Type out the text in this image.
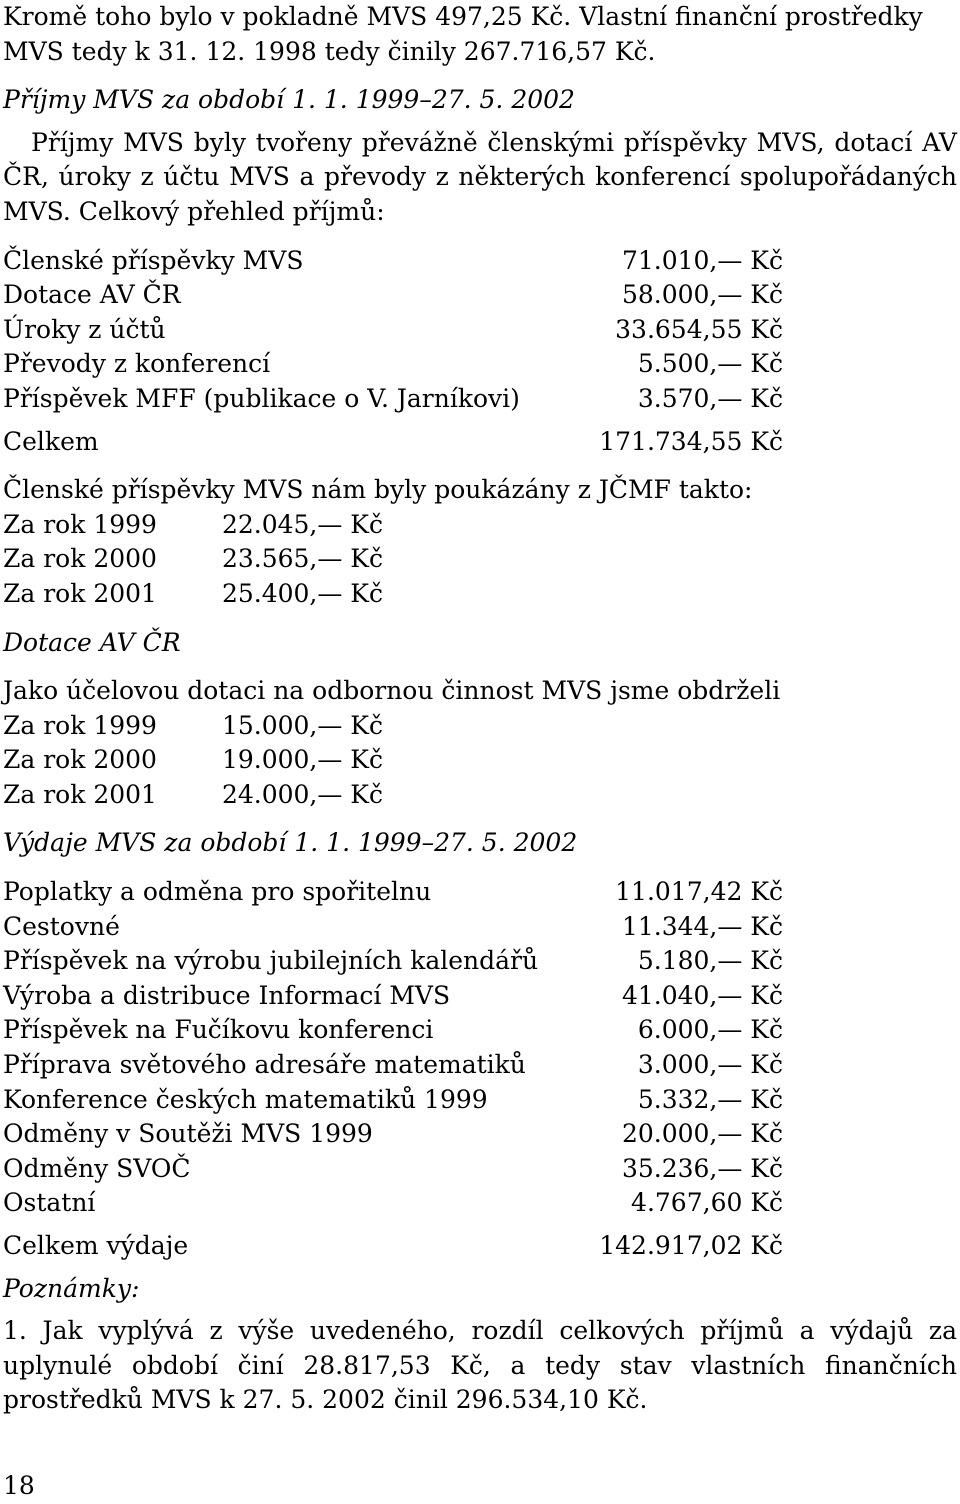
Kromě toho bylo v pokladně MVS 497,25 Kč. Vlastní finanční prostředky

MVS tedy k 31. 12. 1998 tedy činily 267.716,57 Kč.

Příjmy MVS za období 1. 1. 1999–27. 5. 2002

Příjmy MVS byly tvořeny převážně členskými příspěvky MVS, dotací AV ČR, úroky z účtu MVS a převody z některých konferencí spolupořádaných MVS. Celkový přehled příjmů:

Členské příspěvky MVS	71.010,— Kč
Dotace AV ČR	58.000,— Kč
Úroky z účtů	33.654,55 Kč
Převody z konferencí	5.500,— Kč
Příspěvek MFF (publikace o V. Jarníkovi)	3.570,— Kč
Celkem	171.734,55 Kč

Členské příspěvky MVS nám byly poukázány z JČMF takto:

Za rok 1999	22.045,— Kč
Za rok 2000	23.565,— Kč
Za rok 2001	25.400,— Kč

Dotace AV ČR

Jako účelovou dotaci na odbornou činnost MVS jsme obdrželi

Za rok 1999	15.000,— Kč
Za rok 2000	19.000,— Kč
Za rok 2001	24.000,— Kč

Výdaje MVS za období 1. 1. 1999–27. 5. 2002

Poplatky a odměna pro spořitelnu	11.017,42 Kč
Cestovné	11.344,— Kč
Příspěvek na výrobu jubilejních kalendářů	5.180,— Kč
Výroba a distribuce Informací MVS	41.040,— Kč
Příspěvek na Fučíkovu konferenci	6.000,— Kč
Příprava světového adresáře matematiků	3.000,— Kč
Konference českých matematiků 1999	5.332,— Kč
Odměny v Soutěži MVS 1999	20.000,— Kč
Odměny SVOČ	35.236,— Kč
Ostatní	4.767,60 Kč
Celkem výdaje	142.917,02 Kč

Poznámky:

1. Jak vyplývá z výše uvedeného, rozdíl celkových příjmů a výdajů za uplynulé období činí 28.817,53 Kč, a tedy stav vlastních finančních prostředků MVS k 27. 5. 2002 činil 296.534,10 Kč.

18
